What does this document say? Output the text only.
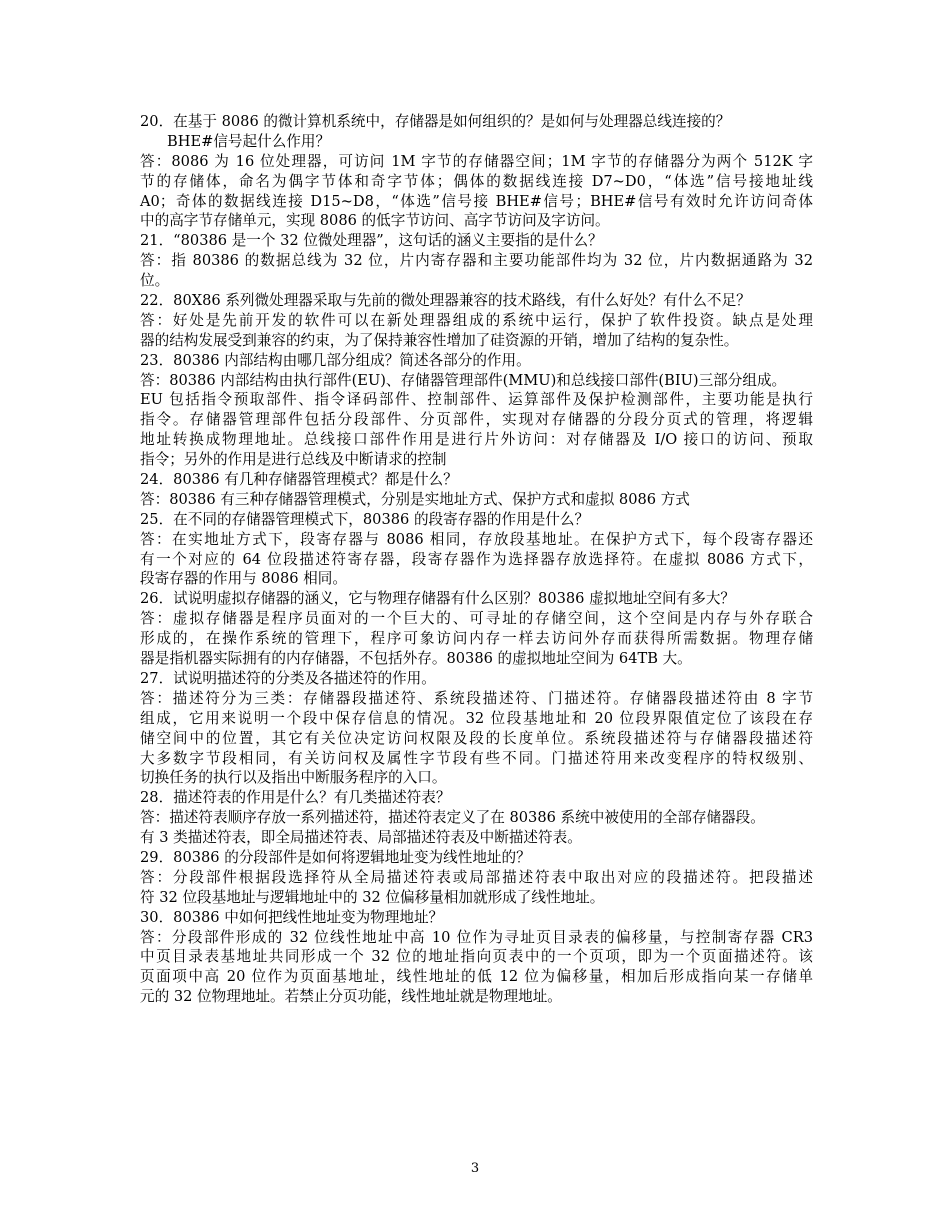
20．在基于 8086 的微计算机系统中，存储器是如何组织的？是如何与处理器总线连接的？
BHE#信号起什么作用？
答：8086 为 16 位处理器，可访问 1M 字节的存储器空间；1M 字节的存储器分为两个 512K 字
节的存储体，命名为偶字节体和奇字节体；偶体的数据线连接 D7~D0，“体选”信号接地址线
A0；奇体的数据线连接 D15~D8，“体选”信号接 BHE#信号；BHE#信号有效时允许访问奇体
中的高字节存储单元，实现 8086 的低字节访问、高字节访问及字访问。
21．“80386 是一个 32 位微处理器”，这句话的涵义主要指的是什么？
答：指 80386 的数据总线为 32 位，片内寄存器和主要功能部件均为 32 位，片内数据通路为 32
位。
22．80X86 系列微处理器采取与先前的微处理器兼容的技术路线，有什么好处？有什么不足？
答：好处是先前开发的软件可以在新处理器组成的系统中运行，保护了软件投资。缺点是处理
器的结构发展受到兼容的约束，为了保持兼容性增加了硅资源的开销，增加了结构的复杂性。
23．80386 内部结构由哪几部分组成？简述各部分的作用。
答：80386 内部结构由执行部件(EU)、存储器管理部件(MMU)和总线接口部件(BIU)三部分组成。
EU 包括指令预取部件、指令译码部件、控制部件、运算部件及保护检测部件，主要功能是执行
指令。存储器管理部件包括分段部件、分页部件，实现对存储器的分段分页式的管理，将逻辑
地址转换成物理地址。总线接口部件作用是进行片外访问：对存储器及 I/O 接口的访问、预取
指令；另外的作用是进行总线及中断请求的控制
24．80386 有几种存储器管理模式？都是什么？
答：80386 有三种存储器管理模式，分别是实地址方式、保护方式和虚拟 8086 方式
25．在不同的存储器管理模式下，80386 的段寄存器的作用是什么？
答：在实地址方式下，段寄存器与 8086 相同，存放段基地址。在保护方式下，每个段寄存器还
有一个对应的 64 位段描述符寄存器，段寄存器作为选择器存放选择符。在虚拟 8086 方式下，
段寄存器的作用与 8086 相同。
26．试说明虚拟存储器的涵义，它与物理存储器有什么区别？80386 虚拟地址空间有多大？
答：虚拟存储器是程序员面对的一个巨大的、可寻址的存储空间，这个空间是内存与外存联合
形成的，在操作系统的管理下，程序可象访问内存一样去访问外存而获得所需数据。物理存储
器是指机器实际拥有的内存储器，不包括外存。80386 的虚拟地址空间为 64TB 大。
27．试说明描述符的分类及各描述符的作用。
答：描述符分为三类：存储器段描述符、系统段描述符、门描述符。存储器段描述符由 8 字节
组成，它用来说明一个段中保存信息的情况。32 位段基地址和 20 位段界限值定位了该段在存
储空间中的位置，其它有关位决定访问权限及段的长度单位。系统段描述符与存储器段描述符
大多数字节段相同，有关访问权及属性字节段有些不同。门描述符用来改变程序的特权级别、
切换任务的执行以及指出中断服务程序的入口。
28．描述符表的作用是什么？有几类描述符表？
答：描述符表顺序存放一系列描述符，描述符表定义了在 80386 系统中被使用的全部存储器段。
有 3 类描述符表，即全局描述符表、局部描述符表及中断描述符表。
29．80386 的分段部件是如何将逻辑地址变为线性地址的？
答：分段部件根据段选择符从全局描述符表或局部描述符表中取出对应的段描述符。把段描述
符 32 位段基地址与逻辑地址中的 32 位偏移量相加就形成了线性地址。
30．80386 中如何把线性地址变为物理地址？
答：分段部件形成的 32 位线性地址中高 10 位作为寻址页目录表的偏移量，与控制寄存器 CR3
中页目录表基地址共同形成一个 32 位的地址指向页表中的一个页项，即为一个页面描述符。该
页面项中高 20 位作为页面基地址，线性地址的低 12 位为偏移量，相加后形成指向某一存储单
元的 32 位物理地址。若禁止分页功能，线性地址就是物理地址。
3
